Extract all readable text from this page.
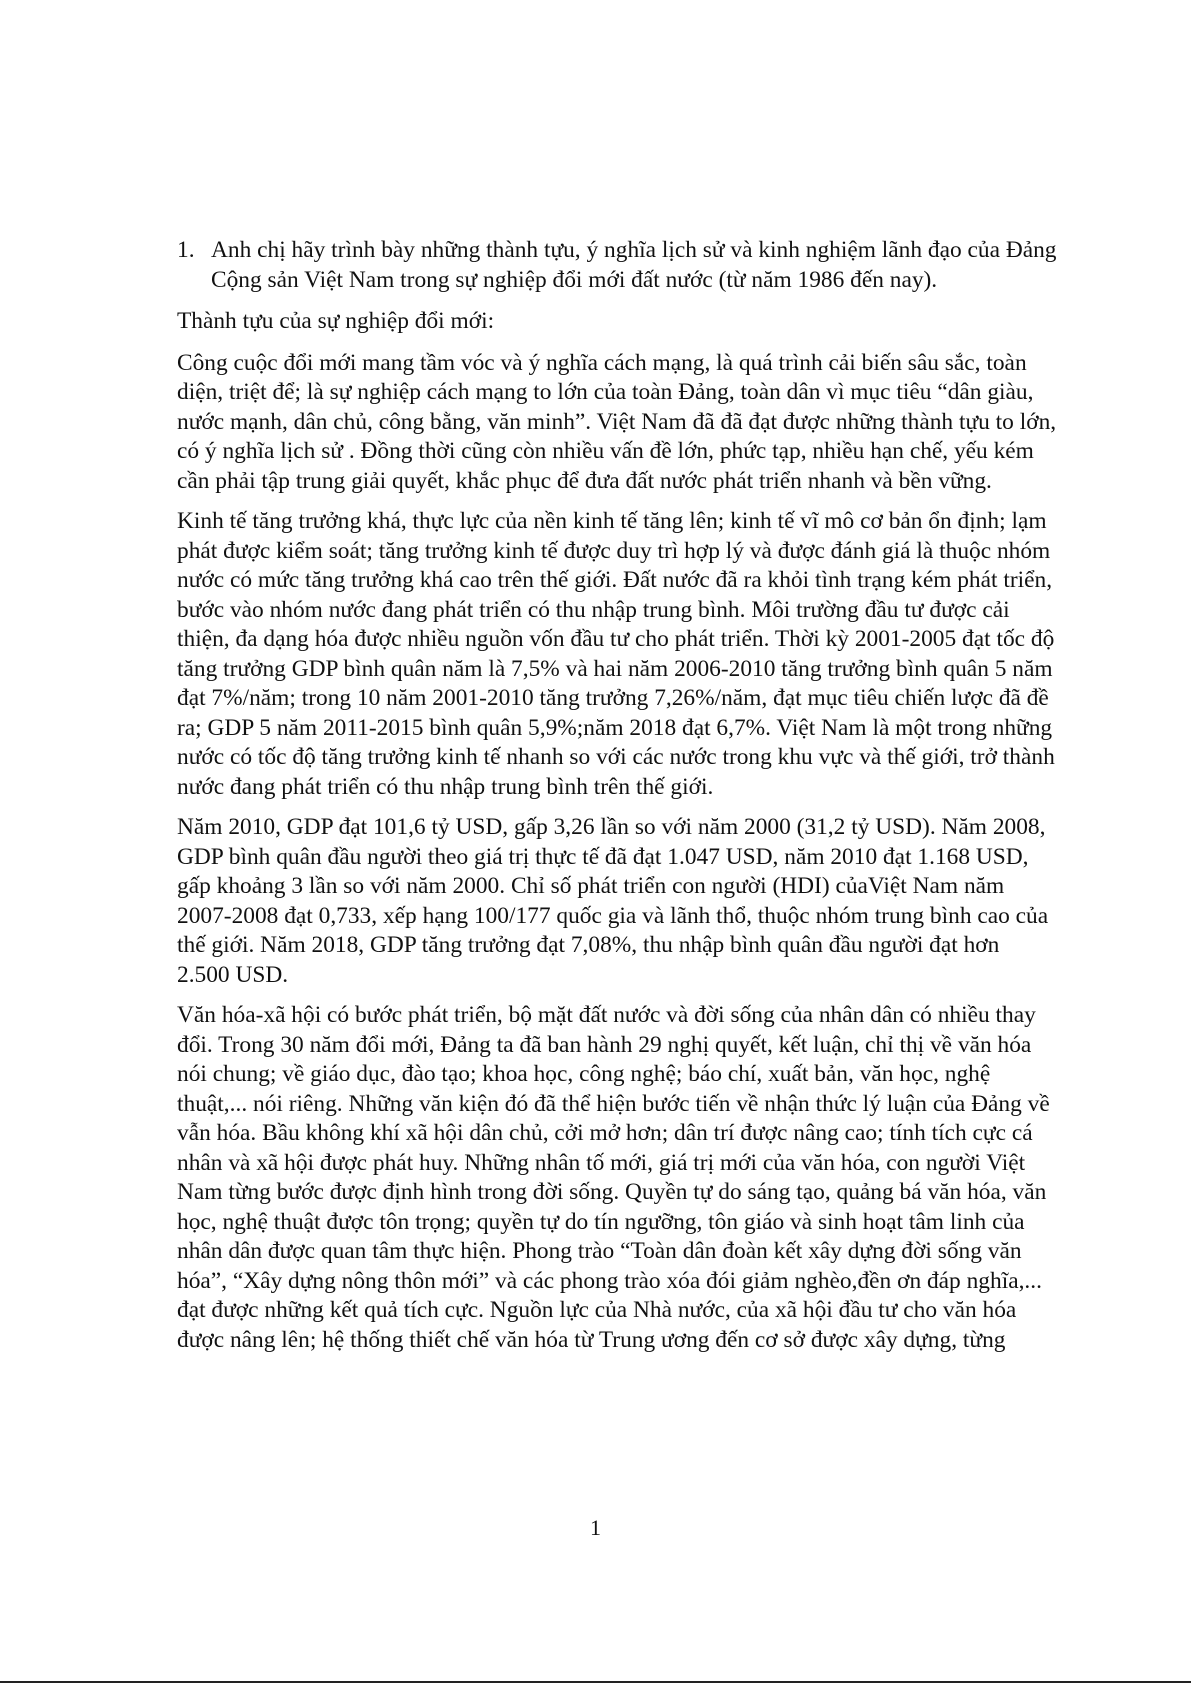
1. Anh chị hãy trình bày những thành tựu, ý nghĩa lịch sử và kinh nghiệm lãnh đạo của Đảng Cộng sản Việt Nam trong sự nghiệp đổi mới đất nước (từ năm 1986 đến nay).
Thành tựu của sự nghiệp đổi mới:

Công cuộc đổi mới mang tầm vóc và ý nghĩa cách mạng, là quá trình cải biến sâu sắc, toàn diện, triệt để; là sự nghiệp cách mạng to lớn của toàn Đảng, toàn dân vì mục tiêu “dân giàu, nước mạnh, dân chủ, công bằng, văn minh”. Việt Nam đã đã đạt được những thành tựu to lớn, có ý nghĩa lịch sử . Đồng thời cũng còn nhiều vấn đề lớn, phức tạp, nhiều hạn chế, yếu kém cần phải tập trung giải quyết, khắc phục để đưa đất nước phát triển nhanh và bền vững.

Kinh tế tăng trưởng khá, thực lực của nền kinh tế tăng lên; kinh tế vĩ mô cơ bản ổn định; lạm phát được kiểm soát; tăng trưởng kinh tế được duy trì hợp lý và được đánh giá là thuộc nhóm nước có mức tăng trưởng khá cao trên thế giới. Đất nước đã ra khỏi tình trạng kém phát triển, bước vào nhóm nước đang phát triển có thu nhập trung bình. Môi trường đầu tư được cải thiện, đa dạng hóa được nhiều nguồn vốn đầu tư cho phát triển. Thời kỳ 2001-2005 đạt tốc độ tăng trưởng GDP bình quân năm là 7,5% và hai năm 2006-2010 tăng trưởng bình quân 5 năm đạt 7%/năm; trong 10 năm 2001-2010 tăng trưởng 7,26%/năm, đạt mục tiêu chiến lược đã đề ra; GDP 5 năm 2011-2015 bình quân 5,9%;năm 2018 đạt 6,7%. Việt Nam là một trong những nước có tốc độ tăng trưởng kinh tế nhanh so với các nước trong khu vực và thế giới, trở thành nước đang phát triển có thu nhập trung bình trên thế giới.

Năm 2010, GDP đạt 101,6 tỷ USD, gấp 3,26 lần so với năm 2000 (31,2 tỷ USD). Năm 2008, GDP bình quân đầu người theo giá trị thực tế đã đạt 1.047 USD, năm 2010 đạt 1.168 USD, gấp khoảng 3 lần so với năm 2000. Chỉ số phát triển con người (HDI) củaViệt Nam năm 2007-2008 đạt 0,733, xếp hạng 100/177 quốc gia và lãnh thổ, thuộc nhóm trung bình cao của thế giới. Năm 2018, GDP tăng trưởng đạt 7,08%, thu nhập bình quân đầu người đạt hơn 2.500 USD.

Văn hóa-xã hội có bước phát triển, bộ mặt đất nước và đời sống của nhân dân có nhiều thay đổi. Trong 30 năm đổi mới, Đảng ta đã ban hành 29 nghị quyết, kết luận, chỉ thị về văn hóa nói chung; về giáo dục, đào tạo; khoa học, công nghệ; báo chí, xuất bản, văn học, nghệ thuật,... nói riêng. Những văn kiện đó đã thể hiện bước tiến về nhận thức lý luận của Đảng về vẫn hóa. Bầu không khí xã hội dân chủ, cởi mở hơn; dân trí được nâng cao; tính tích cực cá nhân và xã hội được phát huy. Những nhân tố mới, giá trị mới của văn hóa, con người Việt Nam từng bước được định hình trong đời sống. Quyền tự do sáng tạo, quảng bá văn hóa, văn học, nghệ thuật được tôn trọng; quyền tự do tín ngưỡng, tôn giáo và sinh hoạt tâm linh của nhân dân được quan tâm thực hiện. Phong trào “Toàn dân đoàn kết xây dựng đời sống văn hóa”, “Xây dựng nông thôn mới” và các phong trào xóa đói giảm nghèo,đền ơn đáp nghĩa,... đạt được những kết quả tích cực. Nguồn lực của Nhà nước, của xã hội đầu tư cho văn hóa được nâng lên; hệ thống thiết chế văn hóa từ Trung ương đến cơ sở được xây dựng, từng

1
